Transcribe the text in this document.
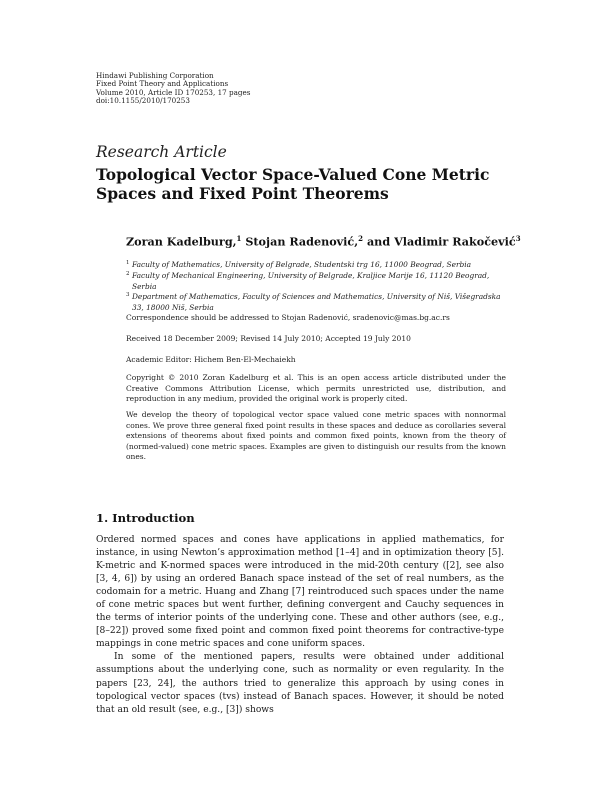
Hindawi Publishing Corporation
Fixed Point Theory and Applications
Volume 2010, Article ID 170253, 17 pages
doi:10.1155/2010/170253
Research Article
Topological Vector Space-Valued Cone Metric
Spaces and Fixed Point Theorems
Zoran Kadelburg,$^1$ Stojan Radenović,$^2$ and Vladimir Rakočević$^3$
1 Faculty of Mathematics, University of Belgrade, Studentski trg 16, 11000 Beograd, Serbia
2 Faculty of Mechanical Engineering, University of Belgrade, Kraljice Marije 16, 11120 Beograd, Serbia
3 Department of Mathematics, Faculty of Sciences and Mathematics, University of Niš, Višegradska 33, 18000 Niš, Serbia
Correspondence should be addressed to Stojan Radenović, sradenovic@mas.bg.ac.rs
Received 18 December 2009; Revised 14 July 2010; Accepted 19 July 2010
Academic Editor: Hichem Ben-El-Mechaiekh
Copyright © 2010 Zoran Kadelburg et al. This is an open access article distributed under the Creative Commons Attribution License, which permits unrestricted use, distribution, and reproduction in any medium, provided the original work is properly cited.
We develop the theory of topological vector space valued cone metric spaces with nonnormal cones. We prove three general fixed point results in these spaces and deduce as corollaries several extensions of theorems about fixed points and common fixed points, known from the theory of (normed-valued) cone metric spaces. Examples are given to distinguish our results from the known ones.
1. Introduction

Ordered normed spaces and cones have applications in applied mathematics, for instance, in using Newton’s approximation method [1–4] and in optimization theory [5]. K-metric and K-normed spaces were introduced in the mid-20th century ([2], see also [3, 4, 6]) by using an ordered Banach space instead of the set of real numbers, as the codomain for a metric. Huang and Zhang [7] reintroduced such spaces under the name of cone metric spaces but went further, defining convergent and Cauchy sequences in the terms of interior points of the underlying cone. These and other authors (see, e.g., [8–22]) proved some fixed point and common fixed point theorems for contractive-type mappings in cone metric spaces and cone uniform spaces.

In some of the mentioned papers, results were obtained under additional assumptions about the underlying cone, such as normality or even regularity. In the papers [23, 24], the authors tried to generalize this approach by using cones in topological vector spaces (tvs) instead of Banach spaces. However, it should be noted that an old result (see, e.g., [3]) shows
